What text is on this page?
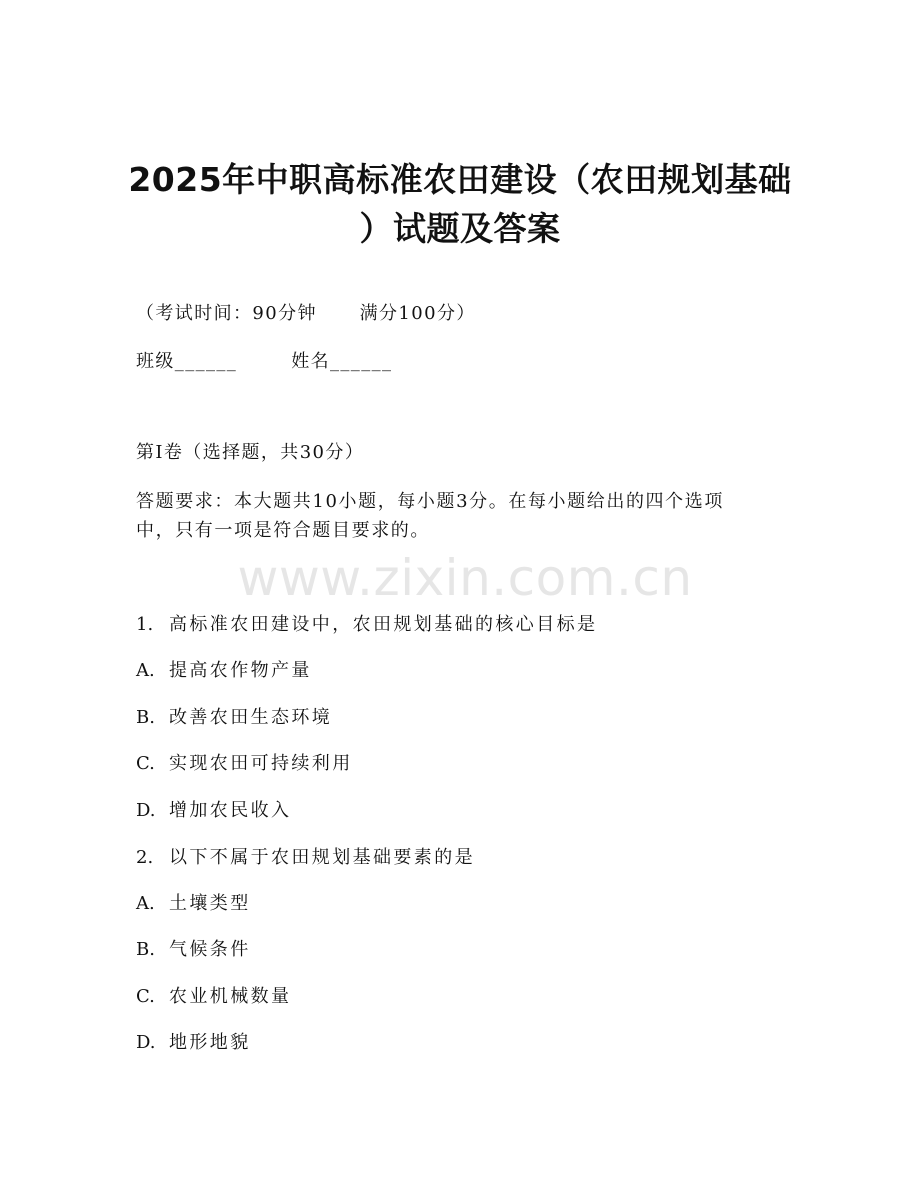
www.zixin.com.cn
2025年中职高标准农田建设（农田规划基础
）试题及答案
（考试时间：90分钟      满分100分）
班级______	姓名______
第I卷（选择题，共30分）
答题要求：本大题共10小题，每小题3分。在每小题给出的四个选项
中，只有一项是符合题目要求的。
1. 高标准农田建设中，农田规划基础的核心目标是
A. 提高农作物产量
B. 改善农田生态环境
C. 实现农田可持续利用
D. 增加农民收入
2. 以下不属于农田规划基础要素的是
A. 土壤类型
B. 气候条件
C. 农业机械数量
D. 地形地貌
